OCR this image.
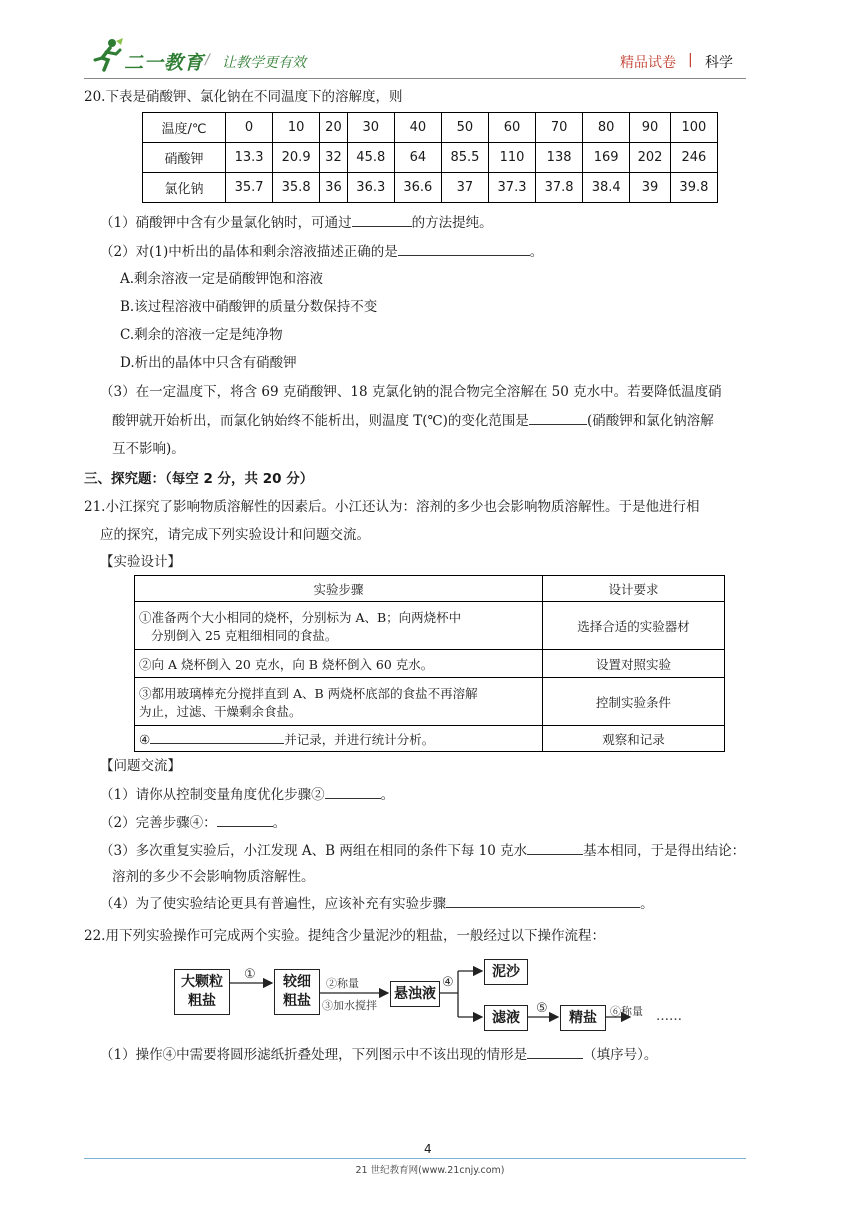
二一教育 / 让教学更有效	精品试卷 | 科学
20.下表是硝酸钾、氯化钠在不同温度下的溶解度，则
温度/℃	0	10	20	30	40	50	60	70	80	90	100
硝酸钾	13.3	20.9	32	45.8	64	85.5	110	138	169	202	246
氯化钠	35.7	35.8	36	36.3	36.6	37	37.3	37.8	38.4	39	39.8
（1）硝酸钾中含有少量氯化钠时，可通过	的方法提纯。
（2）对(1)中析出的晶体和剩余溶液描述正确的是	。
A.剩余溶液一定是硝酸钾饱和溶液
B.该过程溶液中硝酸钾的质量分数保持不变
C.剩余的溶液一定是纯净物
D.析出的晶体中只含有硝酸钾
（3）在一定温度下，将含 69 克硝酸钾、18 克氯化钠的混合物完全溶解在 50 克水中。若要降低温度硝
酸钾就开始析出，而氯化钠始终不能析出，则温度 T(℃)的变化范围是	(硝酸钾和氯化钠溶解
互不影响)。
三、探究题：（每空 2 分，共 20 分）
21.小江探究了影响物质溶解性的因素后。小江还认为：溶剂的多少也会影响物质溶解性。于是他进行相
应的探究，请完成下列实验设计和问题交流。
【实验设计】
实验步骤	设计要求

①准备两个大小相同的烧杯，分别标为 A、B；向两烧杯中
分别倒入 25 克粗细相同的食盐。	选择合适的实验器材
②向 A 烧杯倒入 20 克水，向 B 烧杯倒入 60 克水。	设置对照实验

③都用玻璃棒充分搅拌直到 A、B 两烧杯底部的食盐不再溶解
为止，过滤、干燥剩余食盐。	控制实验条件
④ 并记录，并进行统计分析。	观察和记录
【问题交流】
（1）请你从控制变量角度优化步骤②	。
（2）完善步骤④：	。
（3）多次重复实验后，小江发现 A、B 两组在相同的条件下每 10 克水	基本相同，于是得出结论：
溶剂的多少不会影响物质溶解性。
（4）为了使实验结论更具有普遍性，应该补充有实验步骤	。
22.用下列实验操作可完成两个实验。提纯含少量泥沙的粗盐，一般经过以下操作流程：
大颗粒
粗盐
较细
粗盐	悬浊液
泥沙
滤液	精盐
①
②称量
③加水搅拌
④
⑤	⑥称量 ……
（1）操作④中需要将圆形滤纸折叠处理，下列图示中不该出现的情形是	（填序号）。
4
21 世纪教育网(www.21cnjy.com)
